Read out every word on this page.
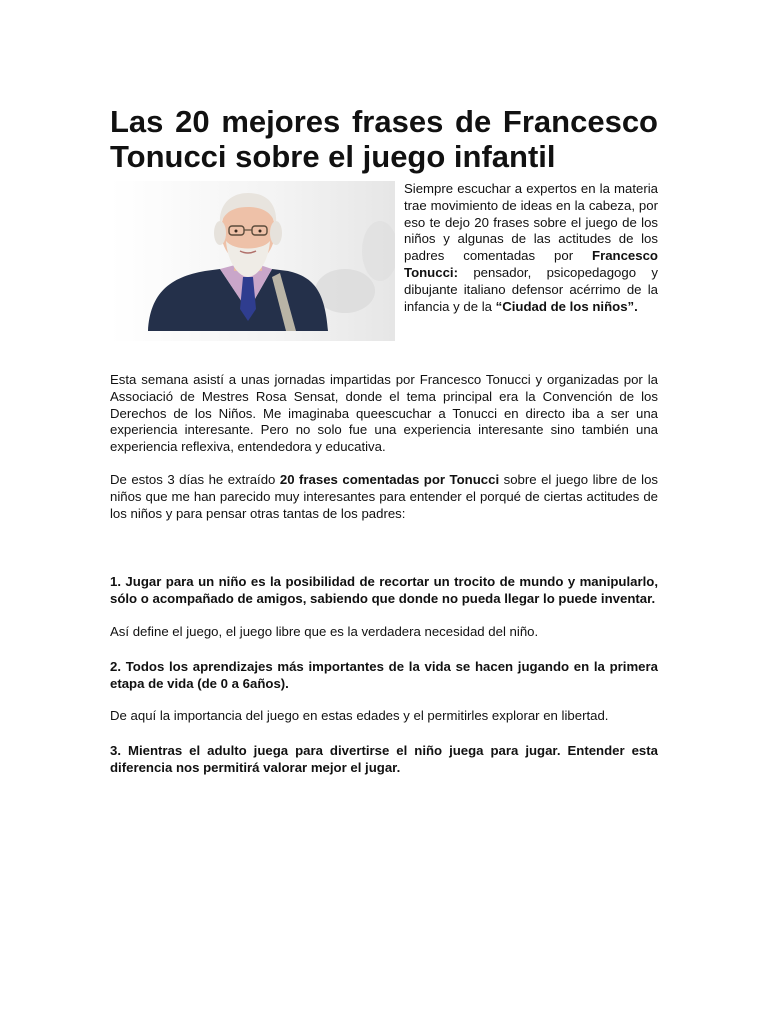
Las 20 mejores frases de Francesco Tonucci sobre el juego infantil
Siempre escuchar a expertos en la materia trae movimiento de ideas en la cabeza, por eso te dejo 20 frases sobre el juego de los niños y algunas de las actitudes de los padres comentadas por Francesco Tonucci: pensador, psicopedagogo y dibujante italiano defensor acérrimo de la infancia y de la “Ciudad de los niños”.

Esta semana asistí a unas jornadas impartidas por Francesco Tonucci y organizadas por la Associació de Mestres Rosa Sensat, donde el tema principal era la Convención de los Derechos de los Niños. Me imaginaba queescuchar a Tonucci en directo iba a ser una experiencia interesante. Pero no solo fue una experiencia interesante sino también una experiencia reflexiva, entendedora y educativa.

De estos 3 días he extraído 20 frases comentadas por Tonucci sobre el juego libre de los niños que me han parecido muy interesantes para entender el porqué de ciertas actitudes de los niños y para pensar otras tantas de los padres:

1. Jugar para un niño es la posibilidad de recortar un trocito de mundo y manipularlo, sólo o acompañado de amigos, sabiendo que donde no pueda llegar lo puede inventar.

Así define el juego, el juego libre que es la verdadera necesidad del niño.

2. Todos los aprendizajes más importantes de la vida se hacen jugando en la primera etapa de vida (de 0 a 6años).

De aquí la importancia del juego en estas edades y el permitirles explorar en libertad.

3. Mientras el adulto juega para divertirse el niño juega para jugar. Entender esta diferencia nos permitirá valorar mejor el jugar.
